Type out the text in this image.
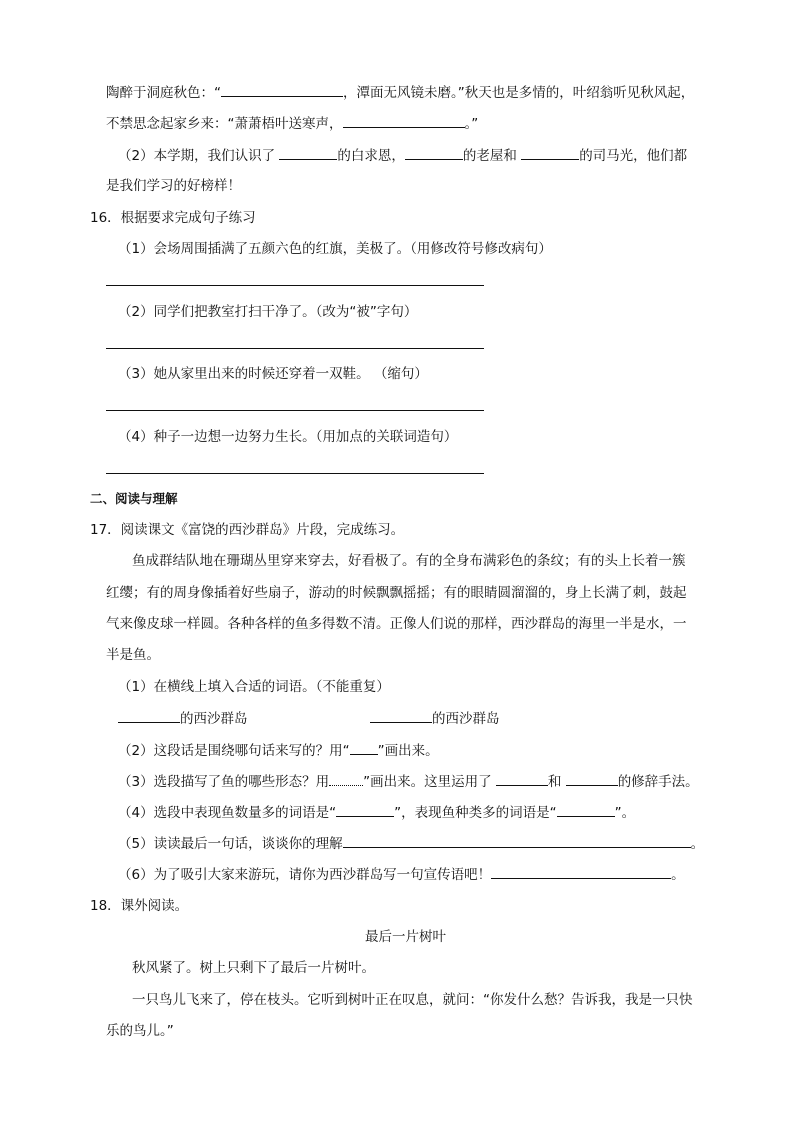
陶醉于洞庭秋色：“	，潭面无风镜未磨。”秋天也是多情的，叶绍翁听见秋风起，
不禁思念起家乡来：“萧萧梧叶送寒声，	。”
（2）本学期，我们认识了	的白求恩，	的老屋和	的司马光，他们都
是我们学习的好榜样！
16．根据要求完成句子练习
（1）会场周围插满了五颜六色的红旗，美极了。（用修改符号修改病句）
（2）同学们把教室打扫干净了。（改为“被”字句）
（3）她从家里出来的时候还穿着一双鞋。 （缩句）
（4）种子一边想一边努力生长。（用加点的关联词造句）
二、阅读与理解
17．阅读课文《富饶的西沙群岛》片段，完成练习。
鱼成群结队地在珊瑚丛里穿来穿去，好看极了。有的全身布满彩色的条纹；有的头上长着一簇
红缨；有的周身像插着好些扇子，游动的时候飘飘摇摇；有的眼睛圆溜溜的，身上长满了刺，鼓起
气来像皮球一样圆。各种各样的鱼多得数不清。正像人们说的那样，西沙群岛的海里一半是水，一
半是鱼。
（1）在横线上填入合适的词语。（不能重复）
的西沙群岛	的西沙群岛
（2）这段话是围绕哪句话来写的？用“ ”画出来。
（3）选段描写了鱼的哪些形态？用	”画出来。这里运用了	和	的修辞手法。
（4）选段中表现鱼数量多的词语是“	”，表现鱼种类多的词语是“	”。
（5）读读最后一句话，谈谈你的理解	。
（6）为了吸引大家来游玩，请你为西沙群岛写一句宣传语吧！	。
18．课外阅读。
最后一片树叶
秋风紧了。树上只剩下了最后一片树叶。
一只鸟儿飞来了，停在枝头。它听到树叶正在叹息，就问：“你发什么愁？告诉我，我是一只快
乐的鸟儿。”
